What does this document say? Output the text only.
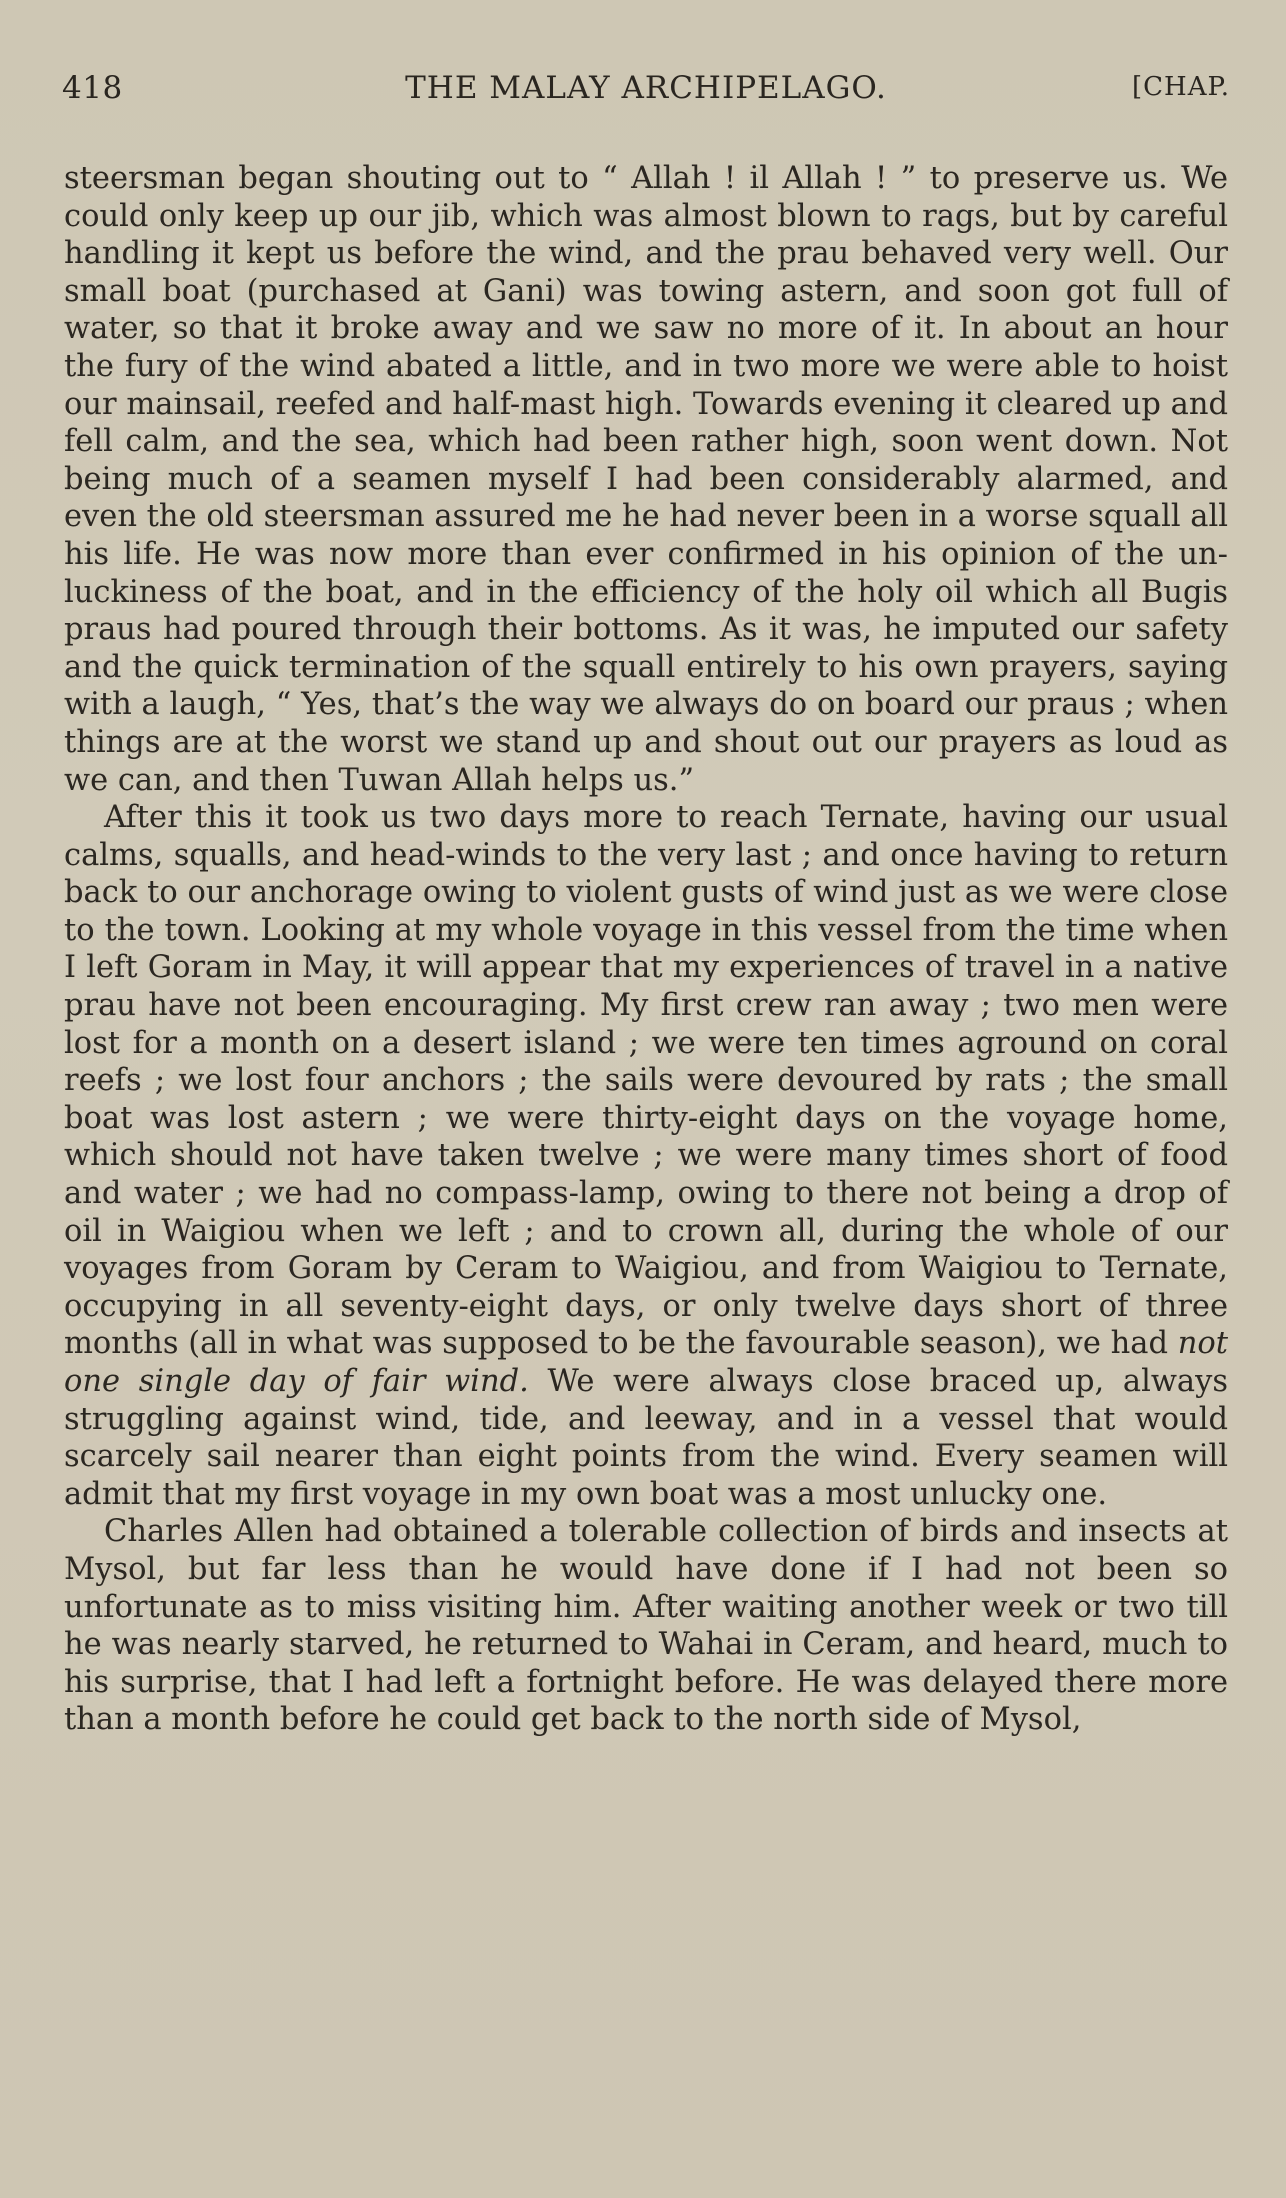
418	THE MALAY ARCHIPELAGO.	[CHAP.

steersman began shouting out to “ Allah ! il Allah ! ” to preserve us. We could only keep up our jib, which was almost blown to rags, but by careful handling it kept us before the wind, and the prau behaved very well. Our small boat (purchased at Gani) was towing astern, and soon got full of water, so that it broke away and we saw no more of it. In about an hour the fury of the wind abated a little, and in two more we were able to hoist our mainsail, reefed and half-mast high. Towards evening it cleared up and fell calm, and the sea, which had been rather high, soon went down. Not being much of a seamen myself I had been considerably alarmed, and even the old steersman assured me he had never been in a worse squall all his life. He was now more than ever confirmed in his opinion of the un-luckiness of the boat, and in the efficiency of the holy oil which all Bugis praus had poured through their bottoms. As it was, he imputed our safety and the quick termination of the squall entirely to his own prayers, saying with a laugh, “ Yes, that’s the way we always do on board our praus ; when things are at the worst we stand up and shout out our prayers as loud as we can, and then Tuwan Allah helps us.”

After this it took us two days more to reach Ternate, having our usual calms, squalls, and head-winds to the very last ; and once having to return back to our anchorage owing to violent gusts of wind just as we were close to the town. Looking at my whole voyage in this vessel from the time when I left Goram in May, it will appear that my experiences of travel in a native prau have not been encouraging. My first crew ran away ; two men were lost for a month on a desert island ; we were ten times aground on coral reefs ; we lost four anchors ; the sails were devoured by rats ; the small boat was lost astern ; we were thirty-eight days on the voyage home, which should not have taken twelve ; we were many times short of food and water ; we had no compass-lamp, owing to there not being a drop of oil in Waigiou when we left ; and to crown all, during the whole of our voyages from Goram by Ceram to Waigiou, and from Waigiou to Ternate, occupying in all seventy-eight days, or only twelve days short of three months (all in what was supposed to be the favourable season), we had not one single day of fair wind. We were always close braced up, always struggling against wind, tide, and leeway, and in a vessel that would scarcely sail nearer than eight points from the wind. Every seamen will admit that my first voyage in my own boat was a most unlucky one.

Charles Allen had obtained a tolerable collection of birds and insects at Mysol, but far less than he would have done if I had not been so unfortunate as to miss visiting him. After waiting another week or two till he was nearly starved, he returned to Wahai in Ceram, and heard, much to his surprise, that I had left a fortnight before. He was delayed there more than a month before he could get back to the north side of Mysol,
